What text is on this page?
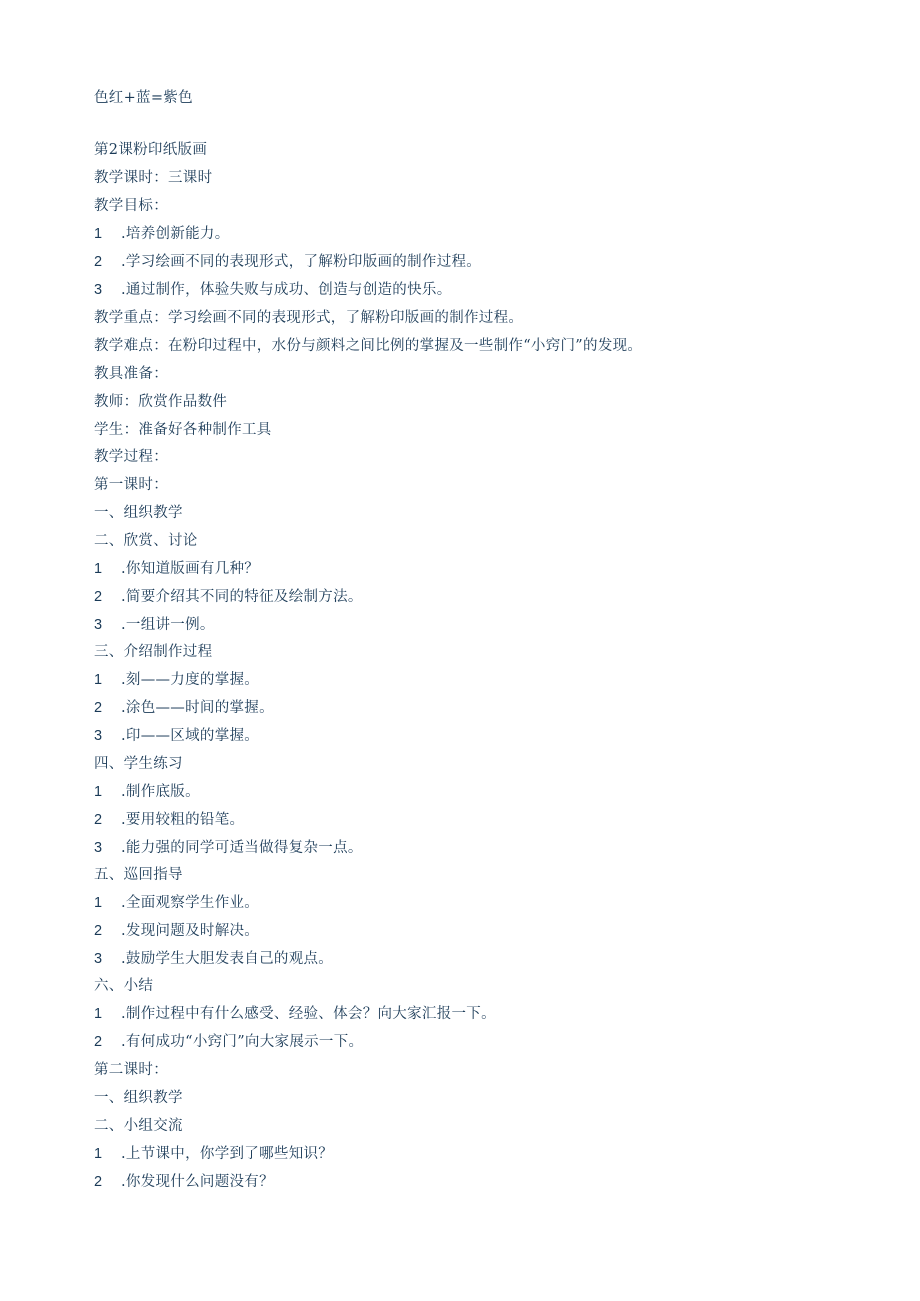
色红+蓝=紫色
第2课粉印纸版画
教学课时：三课时
教学目标：
1 .培养创新能力。
2 .学习绘画不同的表现形式，了解粉印版画的制作过程。
3 .通过制作，体验失败与成功、创造与创造的快乐。
教学重点：学习绘画不同的表现形式，了解粉印版画的制作过程。
教学难点：在粉印过程中，水份与颜料之间比例的掌握及一些制作“小窍门”的发现。
教具准备：
教师：欣赏作品数件
学生：准备好各种制作工具
教学过程：
第一课时：
一、组织教学
二、欣赏、讨论
1 .你知道版画有几种？
2 .简要介绍其不同的特征及绘制方法。
3 .一组讲一例。
三、介绍制作过程
1 .刻——力度的掌握。
2 .涂色——时间的掌握。
3 .印——区域的掌握。
四、学生练习
1 .制作底版。
2 .要用较粗的铅笔。
3 .能力强的同学可适当做得复杂一点。
五、巡回指导
1 .全面观察学生作业。
2 .发现问题及时解决。
3 .鼓励学生大胆发表自己的观点。
六、小结
1 .制作过程中有什么感受、经验、体会？向大家汇报一下。
2 .有何成功“小窍门”向大家展示一下。
第二课时：
一、组织教学
二、小组交流
1 .上节课中，你学到了哪些知识？
2 .你发现什么问题没有？
